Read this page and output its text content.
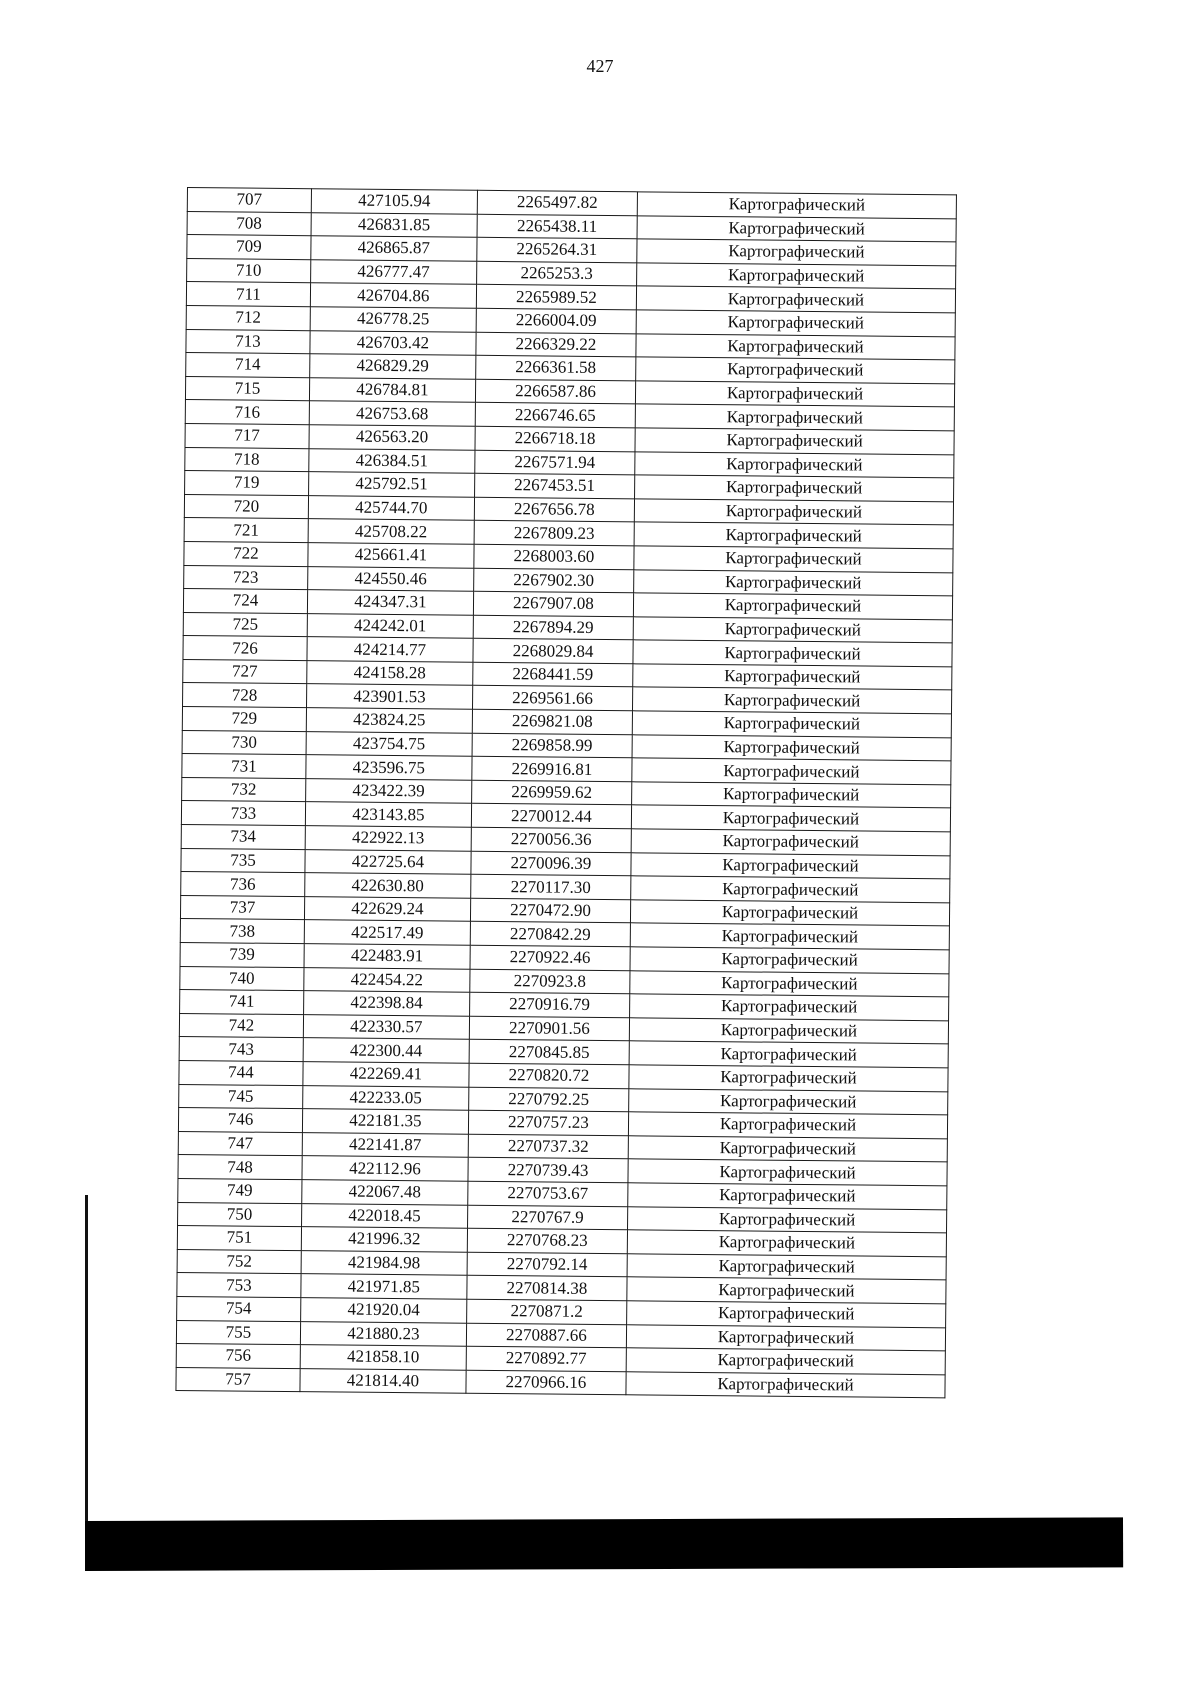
427
707	427105.94	2265497.82	Картографический
708	426831.85	2265438.11	Картографический
709	426865.87	2265264.31	Картографический
710	426777.47	2265253.3	Картографический
711	426704.86	2265989.52	Картографический
712	426778.25	2266004.09	Картографический
713	426703.42	2266329.22	Картографический
714	426829.29	2266361.58	Картографический
715	426784.81	2266587.86	Картографический
716	426753.68	2266746.65	Картографический
717	426563.20	2266718.18	Картографический
718	426384.51	2267571.94	Картографический
719	425792.51	2267453.51	Картографический
720	425744.70	2267656.78	Картографический
721	425708.22	2267809.23	Картографический
722	425661.41	2268003.60	Картографический
723	424550.46	2267902.30	Картографический
724	424347.31	2267907.08	Картографический
725	424242.01	2267894.29	Картографический
726	424214.77	2268029.84	Картографический
727	424158.28	2268441.59	Картографический
728	423901.53	2269561.66	Картографический
729	423824.25	2269821.08	Картографический
730	423754.75	2269858.99	Картографический
731	423596.75	2269916.81	Картографический
732	423422.39	2269959.62	Картографический
733	423143.85	2270012.44	Картографический
734	422922.13	2270056.36	Картографический
735	422725.64	2270096.39	Картографический
736	422630.80	2270117.30	Картографический
737	422629.24	2270472.90	Картографический
738	422517.49	2270842.29	Картографический
739	422483.91	2270922.46	Картографический
740	422454.22	2270923.8	Картографический
741	422398.84	2270916.79	Картографический
742	422330.57	2270901.56	Картографический
743	422300.44	2270845.85	Картографический
744	422269.41	2270820.72	Картографический
745	422233.05	2270792.25	Картографический
746	422181.35	2270757.23	Картографический
747	422141.87	2270737.32	Картографический
748	422112.96	2270739.43	Картографический
749	422067.48	2270753.67	Картографический
750	422018.45	2270767.9	Картографический
751	421996.32	2270768.23	Картографический
752	421984.98	2270792.14	Картографический
753	421971.85	2270814.38	Картографический
754	421920.04	2270871.2	Картографический
755	421880.23	2270887.66	Картографический
756	421858.10	2270892.77	Картографический
757	421814.40	2270966.16	Картографический
